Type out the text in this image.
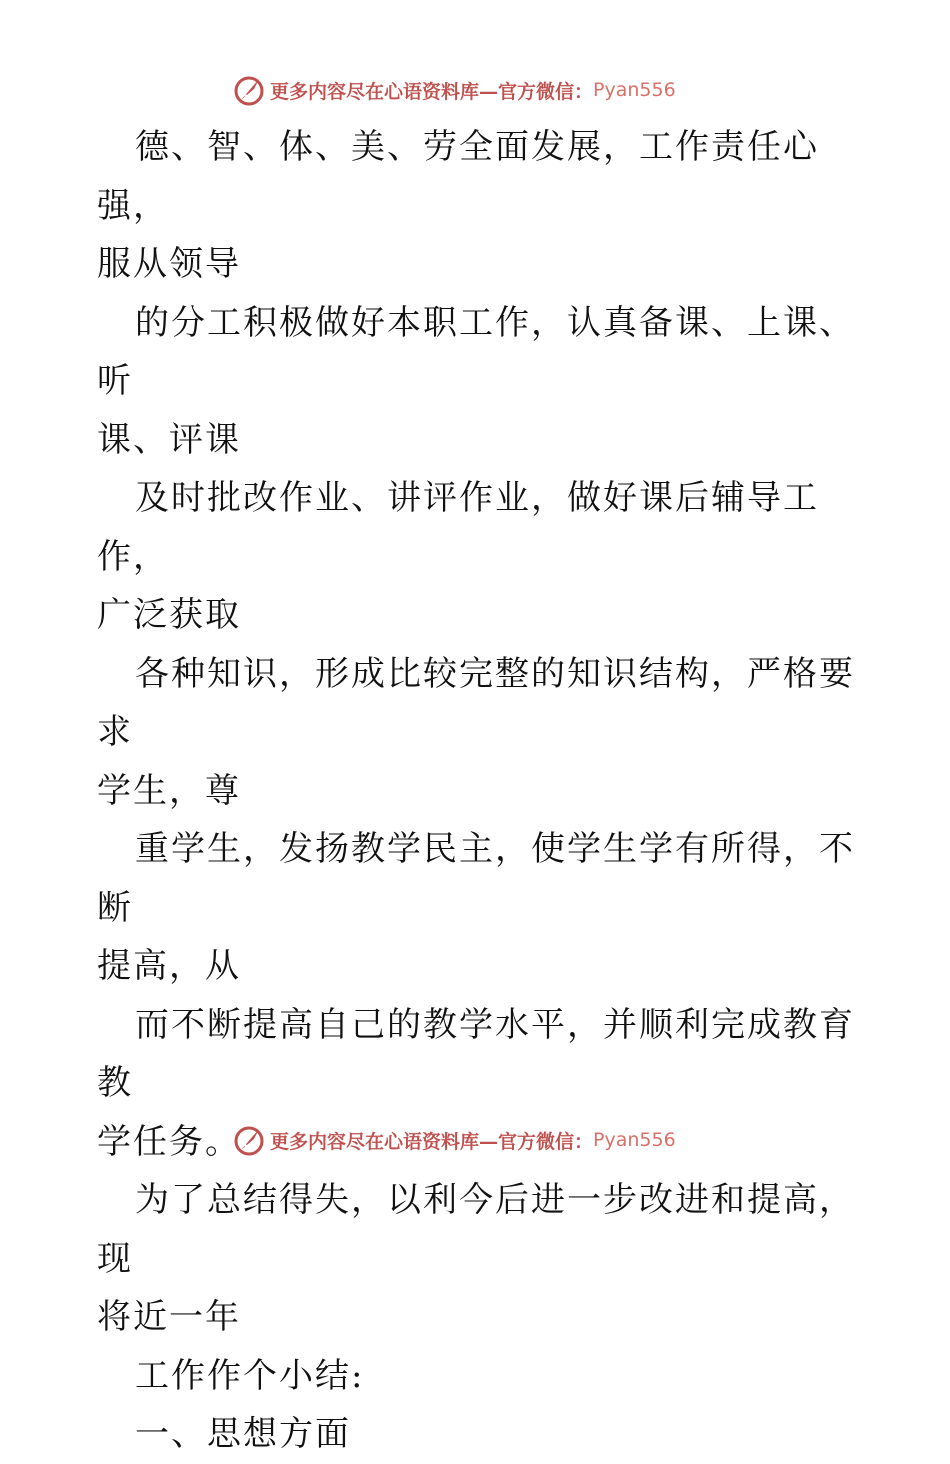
更多内容尽在心语资料库—官方微信： Pyan556

德、智、体、美、劳全面发展，工作责任心强，

服从领导

的分工积极做好本职工作，认真备课、上课、听

课、评课

及时批改作业、讲评作业，做好课后辅导工作，

广泛获取

各种知识，形成比较完整的知识结构，严格要求

学生，尊

重学生，发扬教学民主，使学生学有所得，不断

提高，从

而不断提高自己的教学水平，并顺利完成教育教

学任务。

为了总结得失，以利今后进一步改进和提高，现

将近一年

工作作个小结:

一、思想方面

更多内容尽在心语资料库—官方微信： Pyan556
